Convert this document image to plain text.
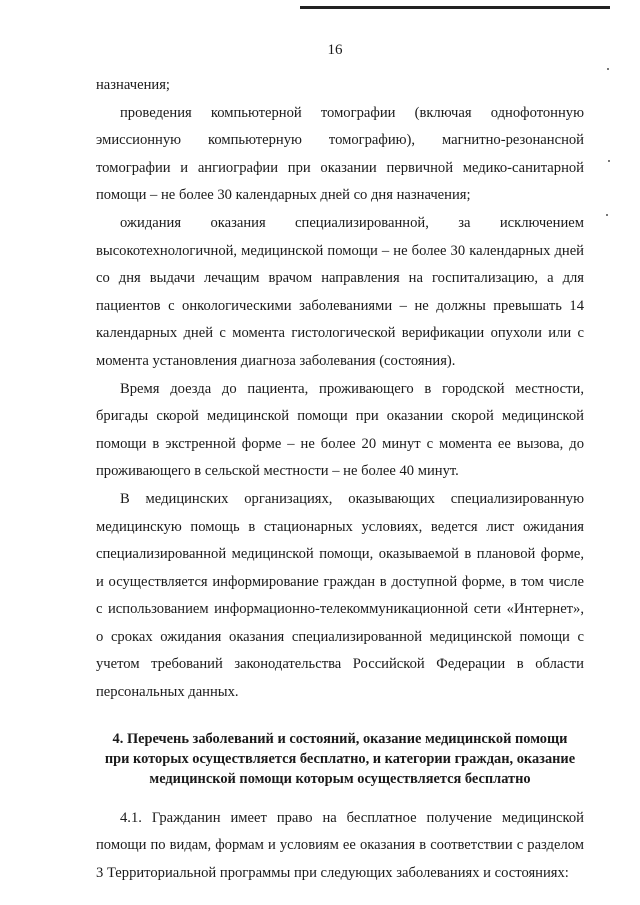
16

назначения;

проведения компьютерной томографии (включая однофотонную эмиссионную компьютерную томографию), магнитно-резонансной томографии и ангиографии при оказании первичной медико-санитарной помощи – не более 30 календарных дней со дня назначения;

ожидания оказания специализированной, за исключением высокотехнологичной, медицинской помощи – не более 30 календарных дней со дня выдачи лечащим врачом направления на госпитализацию, а для пациентов с онкологическими заболеваниями – не должны превышать 14 календарных дней с момента гистологической верификации опухоли или с момента установления диагноза заболевания (состояния).

Время доезда до пациента, проживающего в городской местности, бригады скорой медицинской помощи при оказании скорой медицинской помощи в экстренной форме – не более 20 минут с момента ее вызова, до проживающего в сельской местности – не более 40 минут.

В медицинских организациях, оказывающих специализированную медицинскую помощь в стационарных условиях, ведется лист ожидания специализированной медицинской помощи, оказываемой в плановой форме, и осуществляется информирование граждан в доступной форме, в том числе с использованием информационно-телекоммуникационной сети «Интернет», о сроках ожидания оказания специализированной медицинской помощи с учетом требований законодательства Российской Федерации в области персональных данных.

4. Перечень заболеваний и состояний, оказание медицинской помощи при которых осуществляется бесплатно, и категории граждан, оказание медицинской помощи которым осуществляется бесплатно

4.1. Гражданин имеет право на бесплатное получение медицинской помощи по видам, формам и условиям ее оказания в соответствии с разделом 3 Территориальной программы при следующих заболеваниях и состояниях:
